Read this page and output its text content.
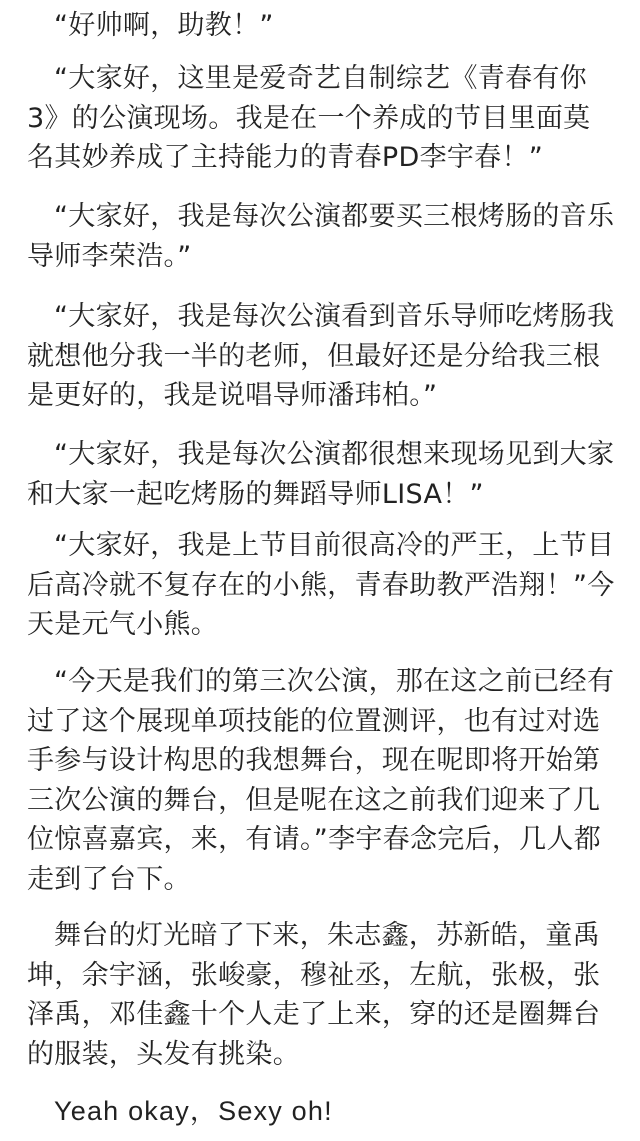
“好帅啊，助教！”

“大家好，这里是爱奇艺自制综艺《青春有你3》的公演现场。我是在一个养成的节目里面莫名其妙养成了主持能力的青春PD李宇春！”

“大家好，我是每次公演都要买三根烤肠的音乐导师李荣浩。”

“大家好，我是每次公演看到音乐导师吃烤肠我就想他分我一半的老师，但最好还是分给我三根是更好的，我是说唱导师潘玮柏。”

“大家好，我是每次公演都很想来现场见到大家和大家一起吃烤肠的舞蹈导师LISA！”

“大家好，我是上节目前很高冷的严王，上节目后高冷就不复存在的小熊，青春助教严浩翔！”今天是元气小熊。

“今天是我们的第三次公演，那在这之前已经有过了这个展现单项技能的位置测评，也有过对选手参与设计构思的我想舞台，现在呢即将开始第三次公演的舞台，但是呢在这之前我们迎来了几位惊喜嘉宾，来，有请。”李宇春念完后，几人都走到了台下。

舞台的灯光暗了下来，朱志鑫，苏新皓，童禹坤，余宇涵，张峻豪，穆祉丞，左航，张极，张泽禹，邓佳鑫十个人走了上来，穿的还是圈舞台的服装，头发有挑染。

Yeah okay，Sexy oh!
